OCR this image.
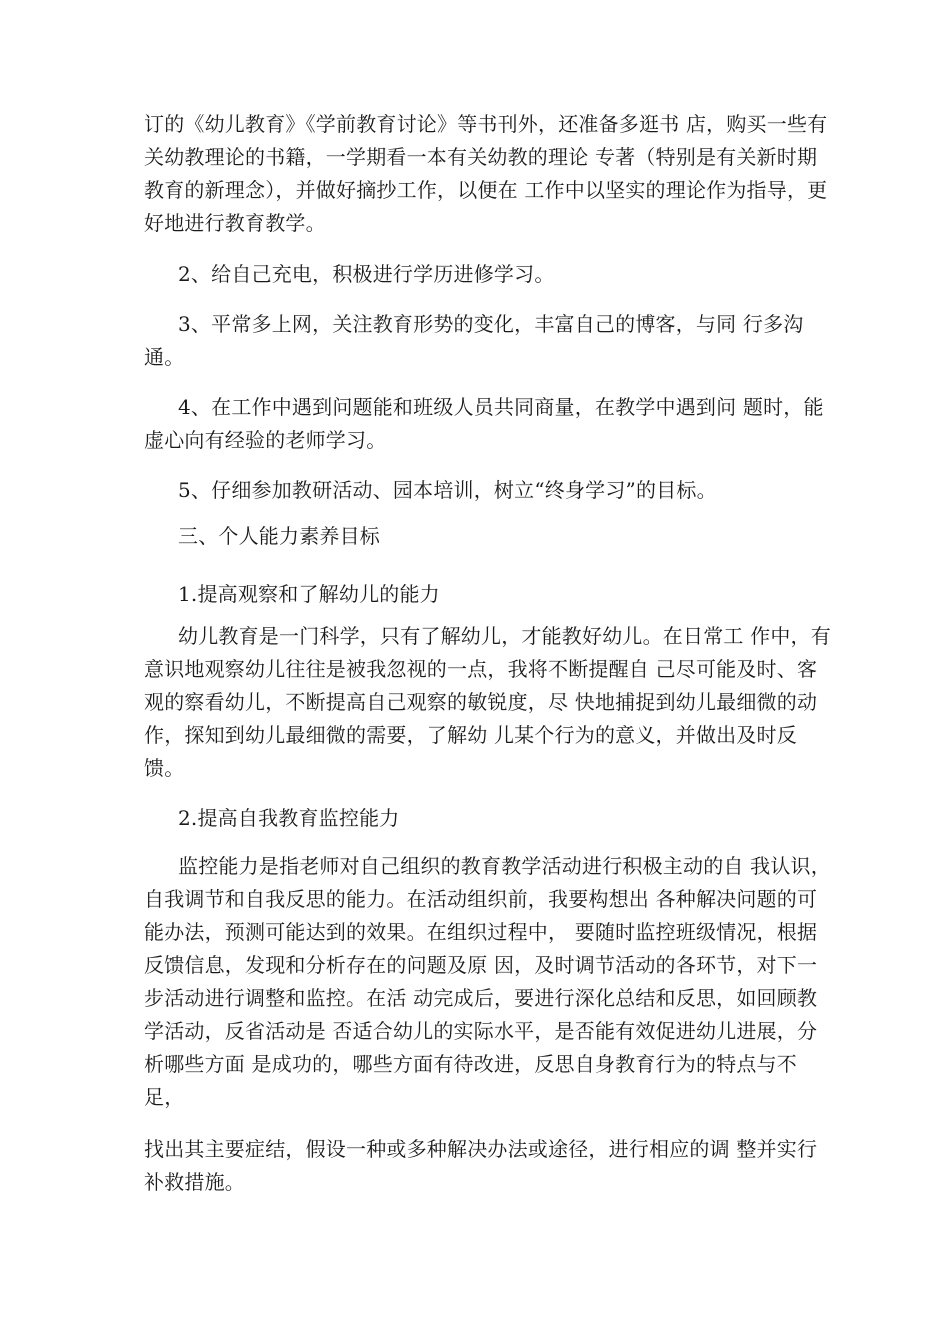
订的《幼儿教育》《学前教育讨论》等书刊外，还准备多逛书 店，购买一些有关幼教理论的书籍，一学期看一本有关幼教的理论 专著（特别是有关新时期教育的新理念），并做好摘抄工作，以便在 工作中以坚实的理论作为指导，更好地进行教育教学。

2、给自己充电，积极进行学历进修学习。

3、平常多上网，关注教育形势的变化，丰富自己的博客，与同 行多沟通。

4、在工作中遇到问题能和班级人员共同商量，在教学中遇到问 题时，能虚心向有经验的老师学习。

5、仔细参加教研活动、园本培训，树立“终身学习”的目标。

三、个人能力素养目标

1.提高观察和了解幼儿的能力

幼儿教育是一门科学，只有了解幼儿，才能教好幼儿。在日常工 作中，有意识地观察幼儿往往是被我忽视的一点，我将不断提醒自 己尽可能及时、客观的察看幼儿，不断提高自己观察的敏锐度，尽 快地捕捉到幼儿最细微的动作，探知到幼儿最细微的需要，了解幼 儿某个行为的意义，并做出及时反馈。

2.提高自我教育监控能力

监控能力是指老师对自己组织的教育教学活动进行积极主动的自 我认识，自我调节和自我反思的能力。在活动组织前，我要构想出 各种解决问题的可能办法，预测可能达到的效果。在组织过程中， 要随时监控班级情况，根据反馈信息，发现和分析存在的问题及原 因，及时调节活动的各环节，对下一步活动进行调整和监控。在活 动完成后，要进行深化总结和反思，如回顾教学活动，反省活动是 否适合幼儿的实际水平，是否能有效促进幼儿进展，分析哪些方面 是成功的，哪些方面有待改进，反思自身教育行为的特点与不足，

找出其主要症结，假设一种或多种解决办法或途径，进行相应的调 整并实行补救措施。
